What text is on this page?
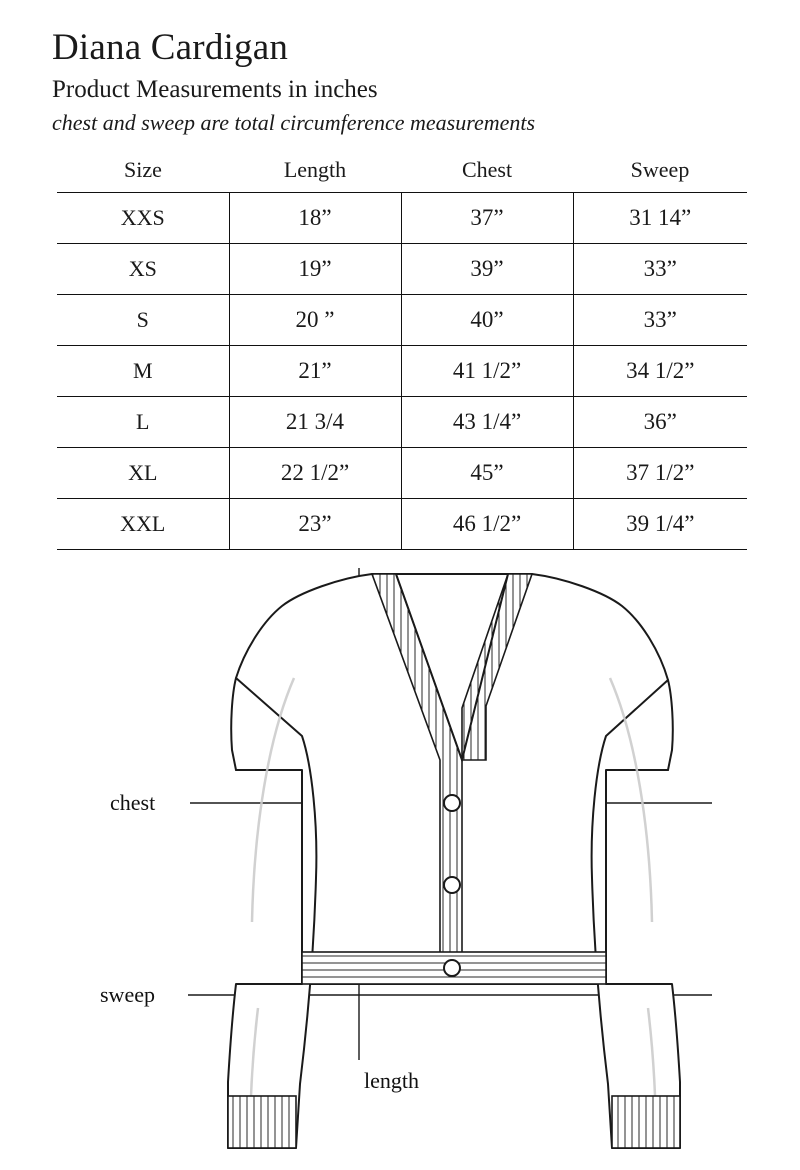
Diana Cardigan

Product Measurements in inches

chest and sweep are total circumference measurements

Size	Length	Chest	Sweep
XXS	18”	37”	31 14”
XS	19”	39”	33”
S	20 ”	40”	33”
M	21”	41 1/2”	34 1/2”
L	21 3/4	43 1/4”	36”
XL	22 1/2”	45”	37 1/2”
XXL	23”	46 1/2”	39 1/4”
chest
sweep
length
